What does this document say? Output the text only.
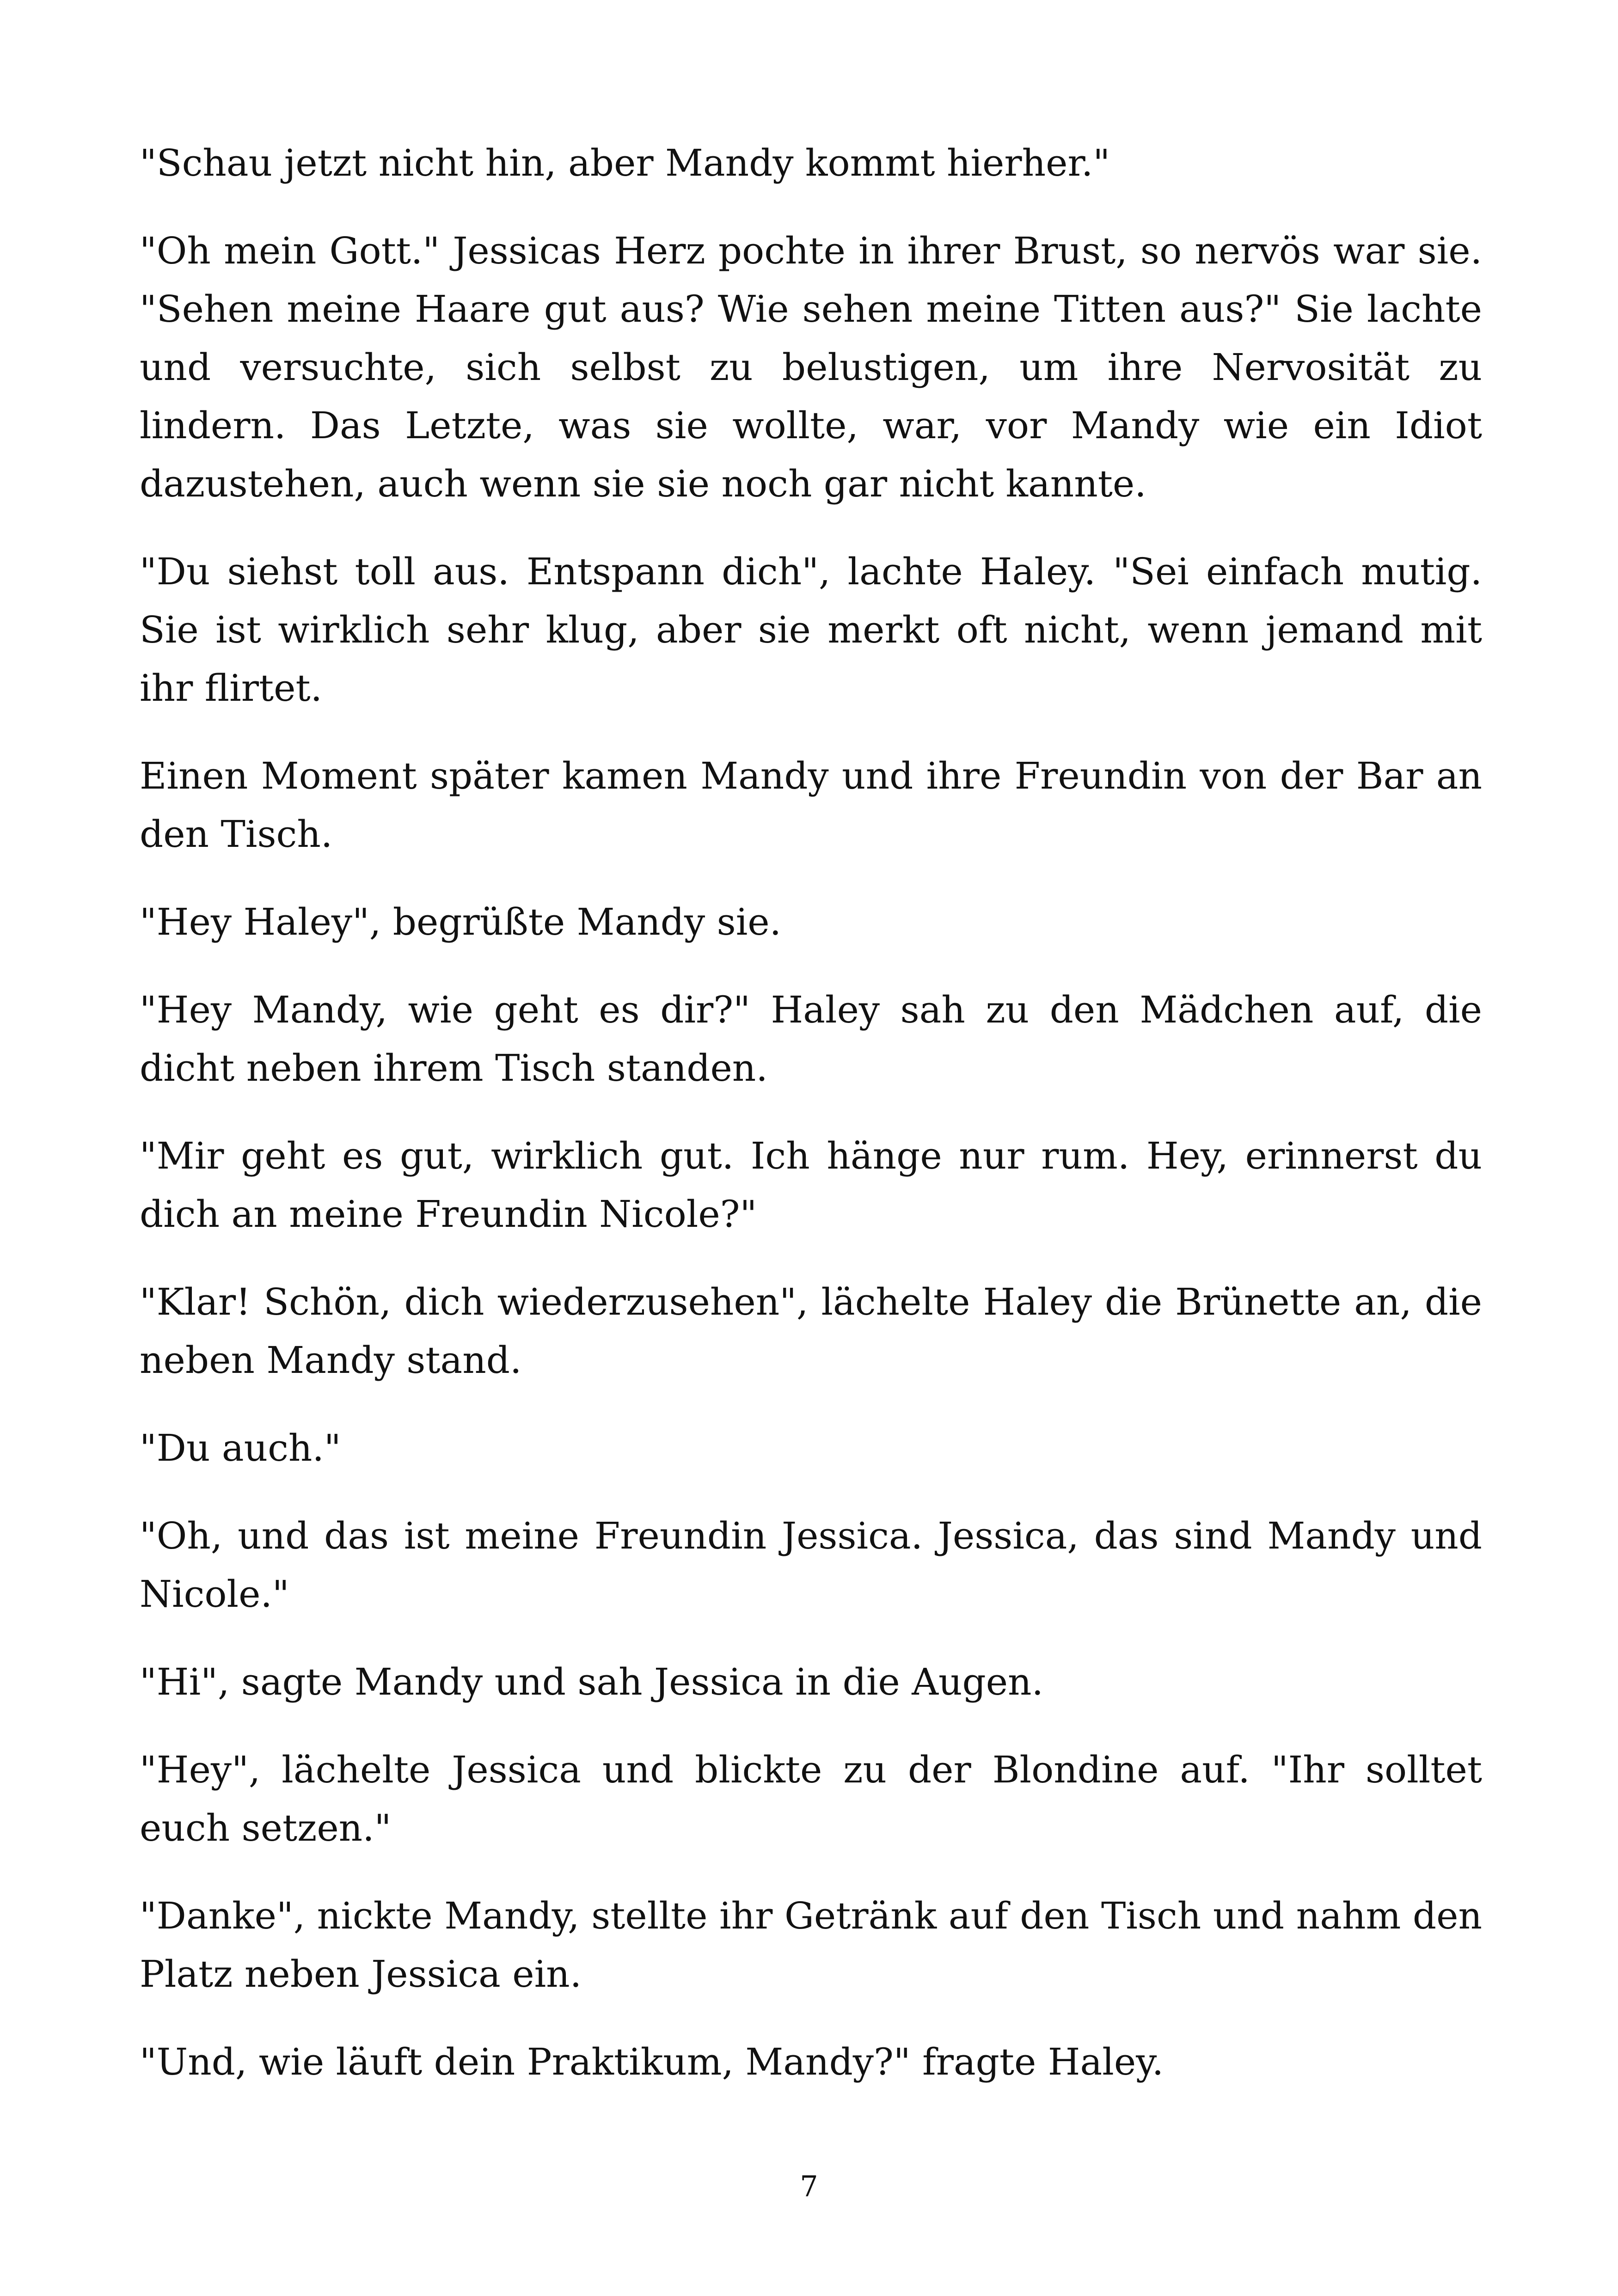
"Schau jetzt nicht hin, aber Mandy kommt hierher."

"Oh mein Gott." Jessicas Herz pochte in ihrer Brust, so nervös war sie. "Sehen meine Haare gut aus? Wie sehen meine Titten aus?" Sie lachte und versuchte, sich selbst zu belustigen, um ihre Nervosität zu lindern. Das Letzte, was sie wollte, war, vor Mandy wie ein Idiot dazustehen, auch wenn sie sie noch gar nicht kannte.

"Du siehst toll aus. Entspann dich", lachte Haley. "Sei einfach mutig. Sie ist wirklich sehr klug, aber sie merkt oft nicht, wenn jemand mit ihr flirtet.

Einen Moment später kamen Mandy und ihre Freundin von der Bar an den Tisch.

"Hey Haley", begrüßte Mandy sie.

"Hey Mandy, wie geht es dir?" Haley sah zu den Mädchen auf, die dicht neben ihrem Tisch standen.

"Mir geht es gut, wirklich gut. Ich hänge nur rum. Hey, erinnerst du dich an meine Freundin Nicole?"

"Klar! Schön, dich wiederzusehen", lächelte Haley die Brünette an, die neben Mandy stand.

"Du auch."

"Oh, und das ist meine Freundin Jessica. Jessica, das sind Mandy und Nicole."

"Hi", sagte Mandy und sah Jessica in die Augen.

"Hey", lächelte Jessica und blickte zu der Blondine auf. "Ihr solltet euch setzen."

"Danke", nickte Mandy, stellte ihr Getränk auf den Tisch und nahm den Platz neben Jessica ein.

"Und, wie läuft dein Praktikum, Mandy?" fragte Haley.

7
